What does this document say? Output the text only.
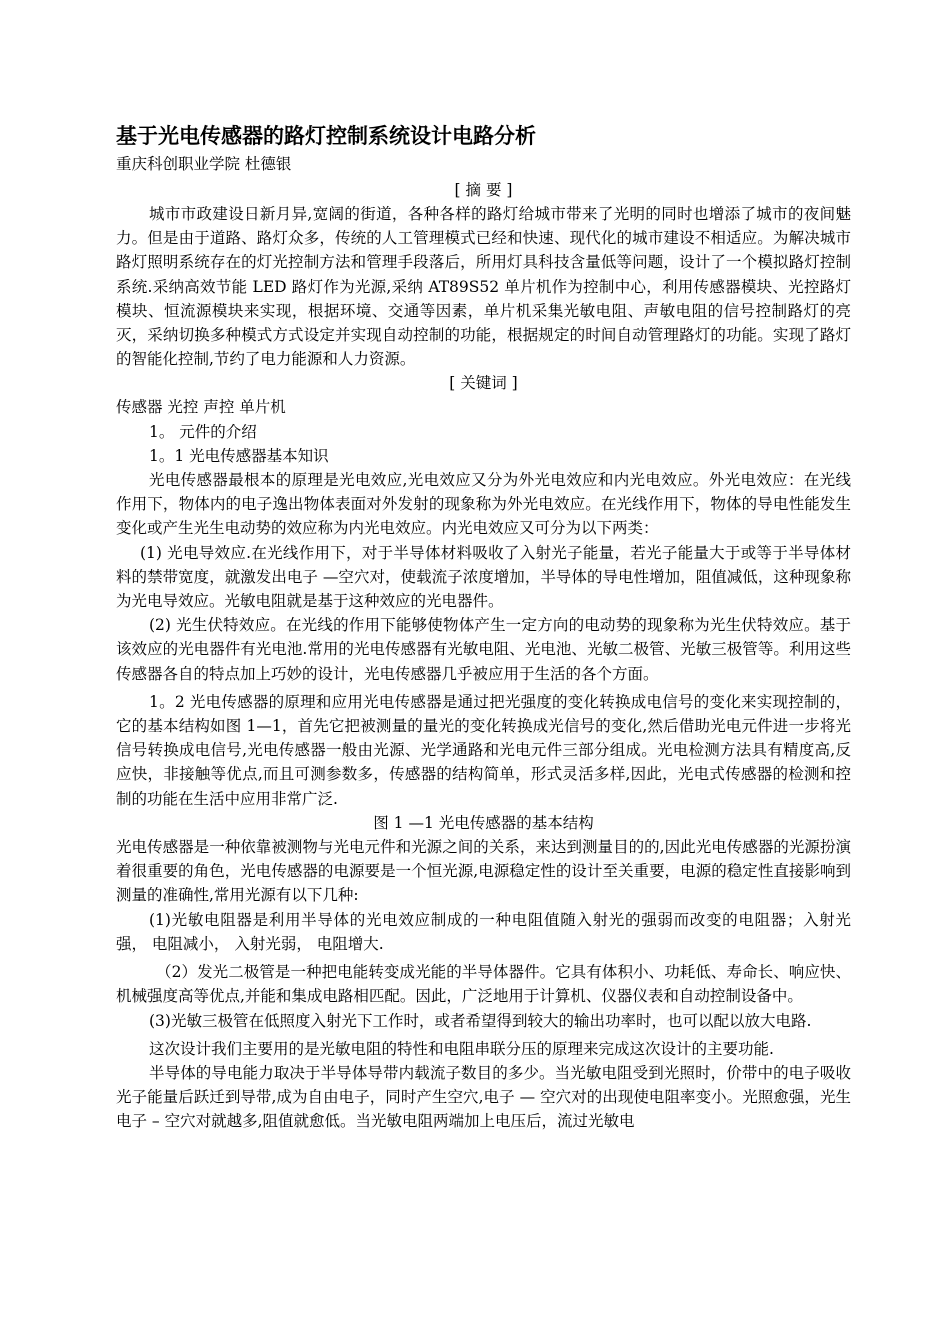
基于光电传感器的路灯控制系统设计电路分析

重庆科创职业学院 杜德银

[ 摘 要 ]

城市市政建设日新月异,宽阔的街道，各种各样的路灯给城市带来了光明的同时也增添了城市的夜间魅力。但是由于道路、路灯众多，传统的人工管理模式已经和快速、现代化的城市建设不相适应。为解决城市路灯照明系统存在的灯光控制方法和管理手段落后，所用灯具科技含量低等问题，设计了一个模拟路灯控制系统.采纳高效节能 LED 路灯作为光源,采纳 AT89S52 单片机作为控制中心，利用传感器模块、光控路灯模块、恒流源模块来实现，根据环境、交通等因素，单片机采集光敏电阻、声敏电阻的信号控制路灯的亮灭，采纳切换多种模式方式设定并实现自动控制的功能，根据规定的时间自动管理路灯的功能。实现了路灯的智能化控制,节约了电力能源和人力资源。

[ 关键词 ]

传感器 光控 声控 单片机

1。 元件的介绍

1。1 光电传感器基本知识

光电传感器最根本的原理是光电效应,光电效应又分为外光电效应和内光电效应。外光电效应：在光线作用下，物体内的电子逸出物体表面对外发射的现象称为外光电效应。在光线作用下，物体的导电性能发生变化或产生光生电动势的效应称为内光电效应。内光电效应又可分为以下两类：

(1) 光电导效应.在光线作用下，对于半导体材料吸收了入射光子能量，若光子能量大于或等于半导体材料的禁带宽度，就激发出电子 —空穴对，使载流子浓度增加，半导体的导电性增加，阻值减低，这种现象称为光电导效应。光敏电阻就是基于这种效应的光电器件。

(2) 光生伏特效应。在光线的作用下能够使物体产生一定方向的电动势的现象称为光生伏特效应。基于该效应的光电器件有光电池.常用的光电传感器有光敏电阻、光电池、光敏二极管、光敏三极管等。利用这些传感器各自的特点加上巧妙的设计，光电传感器几乎被应用于生活的各个方面。

1。2 光电传感器的原理和应用光电传感器是通过把光强度的变化转换成电信号的变化来实现控制的，它的基本结构如图 1—1，首先它把被测量的量光的变化转换成光信号的变化,然后借助光电元件进一步将光信号转换成电信号,光电传感器一般由光源、光学通路和光电元件三部分组成。光电检测方法具有精度高,反应快，非接触等优点,而且可测参数多，传感器的结构简单，形式灵活多样,因此，光电式传感器的检测和控制的功能在生活中应用非常广泛.

图 1 —1 光电传感器的基本结构

光电传感器是一种依靠被测物与光电元件和光源之间的关系，来达到测量目的的,因此光电传感器的光源扮演着很重要的角色，光电传感器的电源要是一个恒光源,电源稳定性的设计至关重要，电源的稳定性直接影响到测量的准确性,常用光源有以下几种:

(1)光敏电阻器是利用半导体的光电效应制成的一种电阻值随入射光的强弱而改变的电阻器；入射光强， 电阻减小， 入射光弱， 电阻增大.

（2）发光二极管是一种把电能转变成光能的半导体器件。它具有体积小、功耗低、寿命长、响应快、机械强度高等优点,并能和集成电路相匹配。因此，广泛地用于计算机、仪器仪表和自动控制设备中。

(3)光敏三极管在低照度入射光下工作时，或者希望得到较大的输出功率时，也可以配以放大电路.

这次设计我们主要用的是光敏电阻的特性和电阻串联分压的原理来完成这次设计的主要功能.

半导体的导电能力取决于半导体导带内载流子数目的多少。当光敏电阻受到光照时，价带中的电子吸收光子能量后跃迁到导带,成为自由电子，同时产生空穴,电子 — 空穴对的出现使电阻率变小。光照愈强，光生电子 – 空穴对就越多,阻值就愈低。当光敏电阻两端加上电压后，流过光敏电
